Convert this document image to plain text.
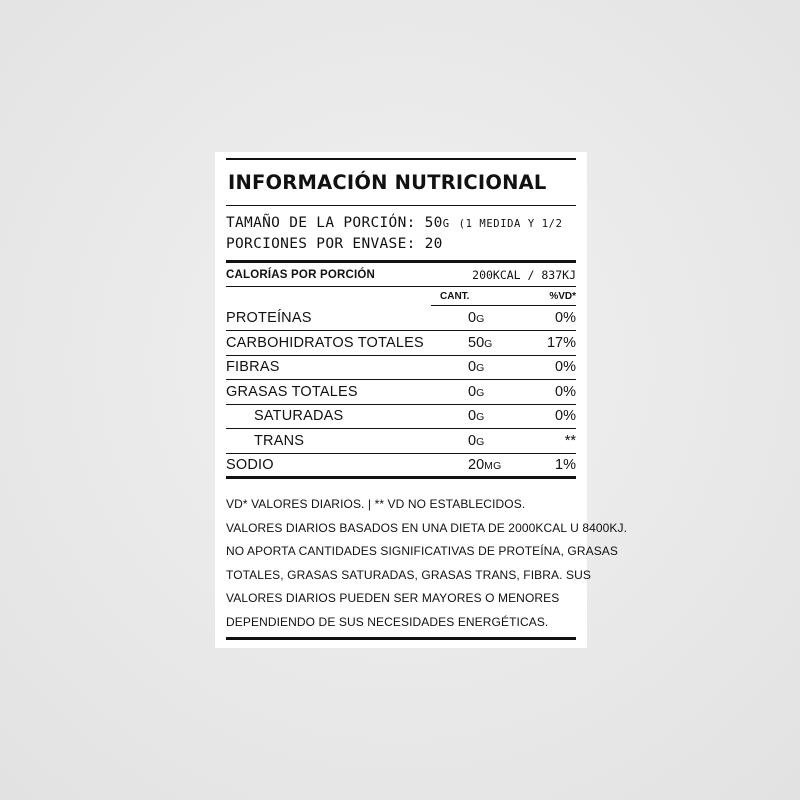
INFORMACIÓN NUTRICIONAL
TAMAÑO DE LA PORCIÓN: 50G (1 MEDIDA Y 1/2
PORCIONES POR ENVASE: 20
CALORÍAS POR PORCIÓN	200KCAL / 837KJ
CANT.	%VD*
PROTEÍNAS	0G	0%
CARBOHIDRATOS TOTALES	50G	17%
FIBRAS	0G	0%
GRASAS TOTALES	0G	0%
SATURADAS	0G	0%
TRANS	0G	**
SODIO	20MG	1%
VD* VALORES DIARIOS. | ** VD NO ESTABLECIDOS.
VALORES DIARIOS BASADOS EN UNA DIETA DE 2000KCAL U 8400KJ.
NO APORTA CANTIDADES SIGNIFICATIVAS DE PROTEÍNA, GRASAS
TOTALES, GRASAS SATURADAS, GRASAS TRANS, FIBRA. SUS
VALORES DIARIOS PUEDEN SER MAYORES O MENORES
DEPENDIENDO DE SUS NECESIDADES ENERGÉTICAS.
